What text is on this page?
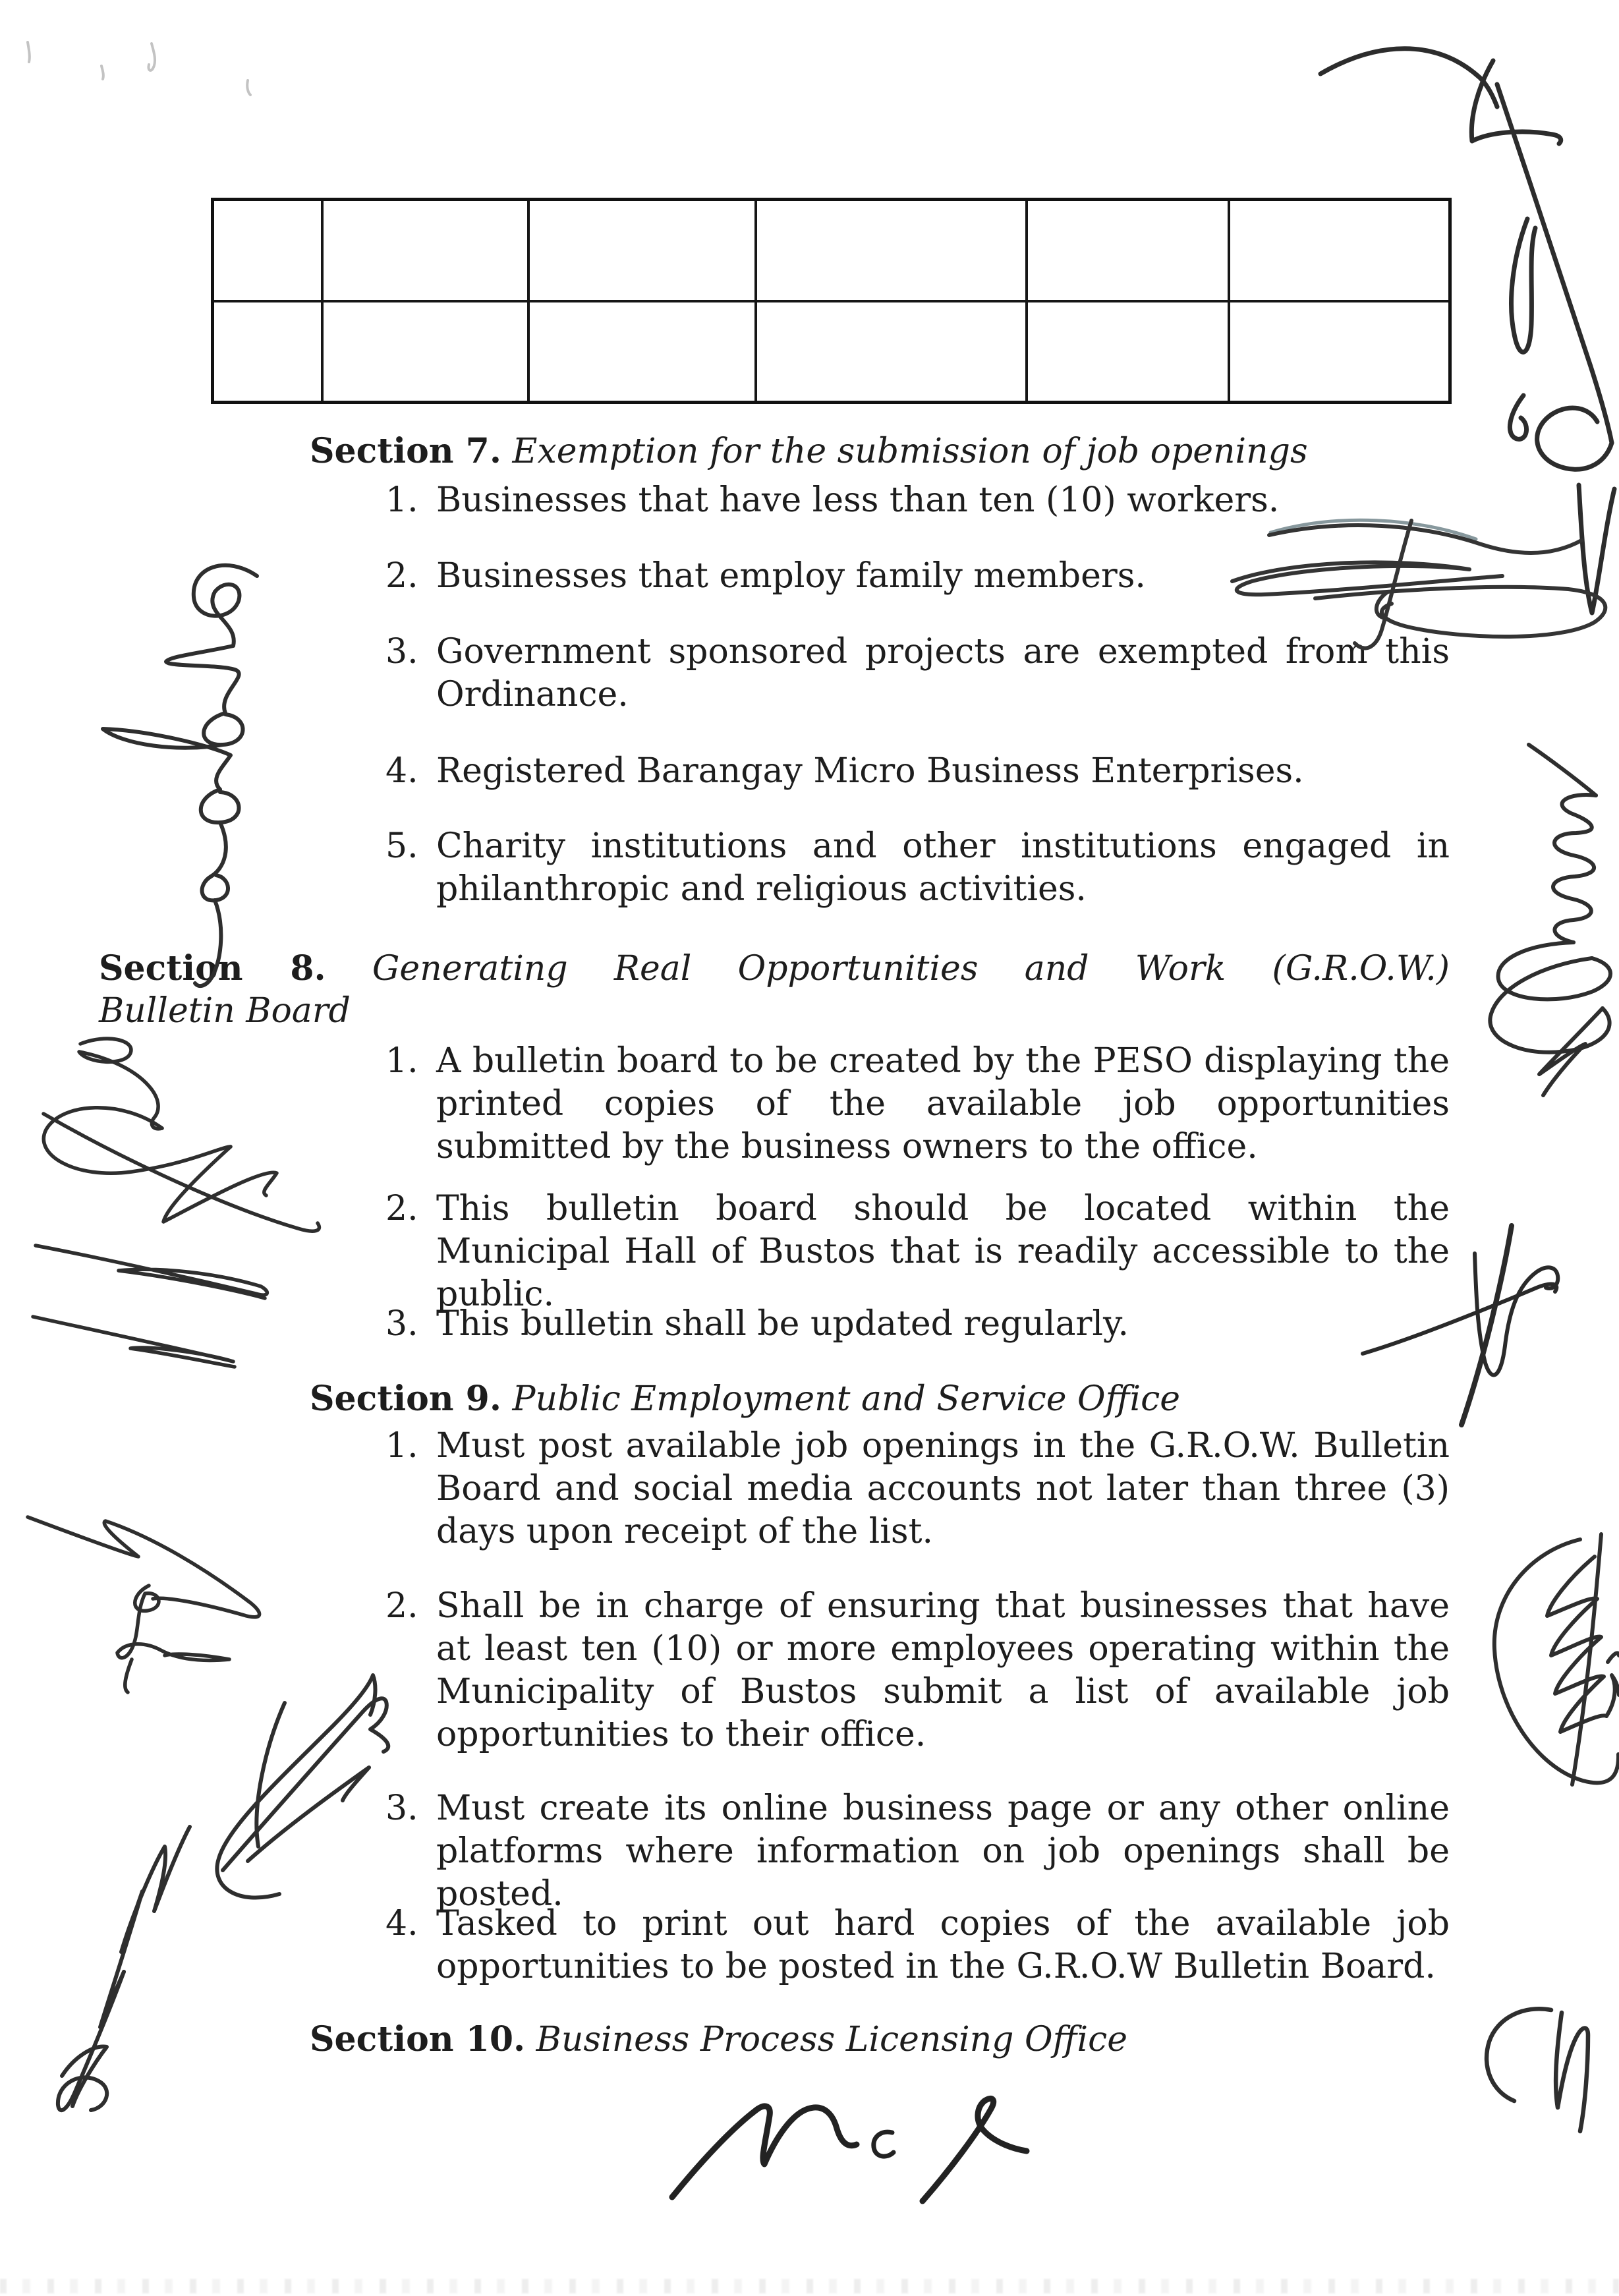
Section 7. Exemption for the submission of job openings
1. Businesses that have less than ten (10) workers.

2. Businesses that employ family members.

3. Government sponsored projects are exempted from this Ordinance.

4. Registered Barangay Micro Business Enterprises.

5. Charity institutions and other institutions engaged in philanthropic and religious activities.

Section 8. Generating Real Opportunities and Work (G.R.O.W.)
Bulletin Board
1. A bulletin board to be created by the PESO displaying the printed copies of the available job opportunities submitted by the business owners to the office.

2. This bulletin board should be located within the Municipal Hall of Bustos that is readily accessible to the public.

3. This bulletin shall be updated regularly.

Section 9. Public Employment and Service Office
1. Must post available job openings in the G.R.O.W. Bulletin Board and social media accounts not later than three (3) days upon receipt of the list.

2. Shall be in charge of ensuring that businesses that have at least ten (10) or more employees operating within the Municipality of Bustos submit a list of available job opportunities to their office.

3. Must create its online business page or any other online platforms where information on job openings shall be posted.

4. Tasked to print out hard copies of the available job opportunities to be posted in the G.R.O.W Bulletin Board.

Section 10. Business Process Licensing Office
